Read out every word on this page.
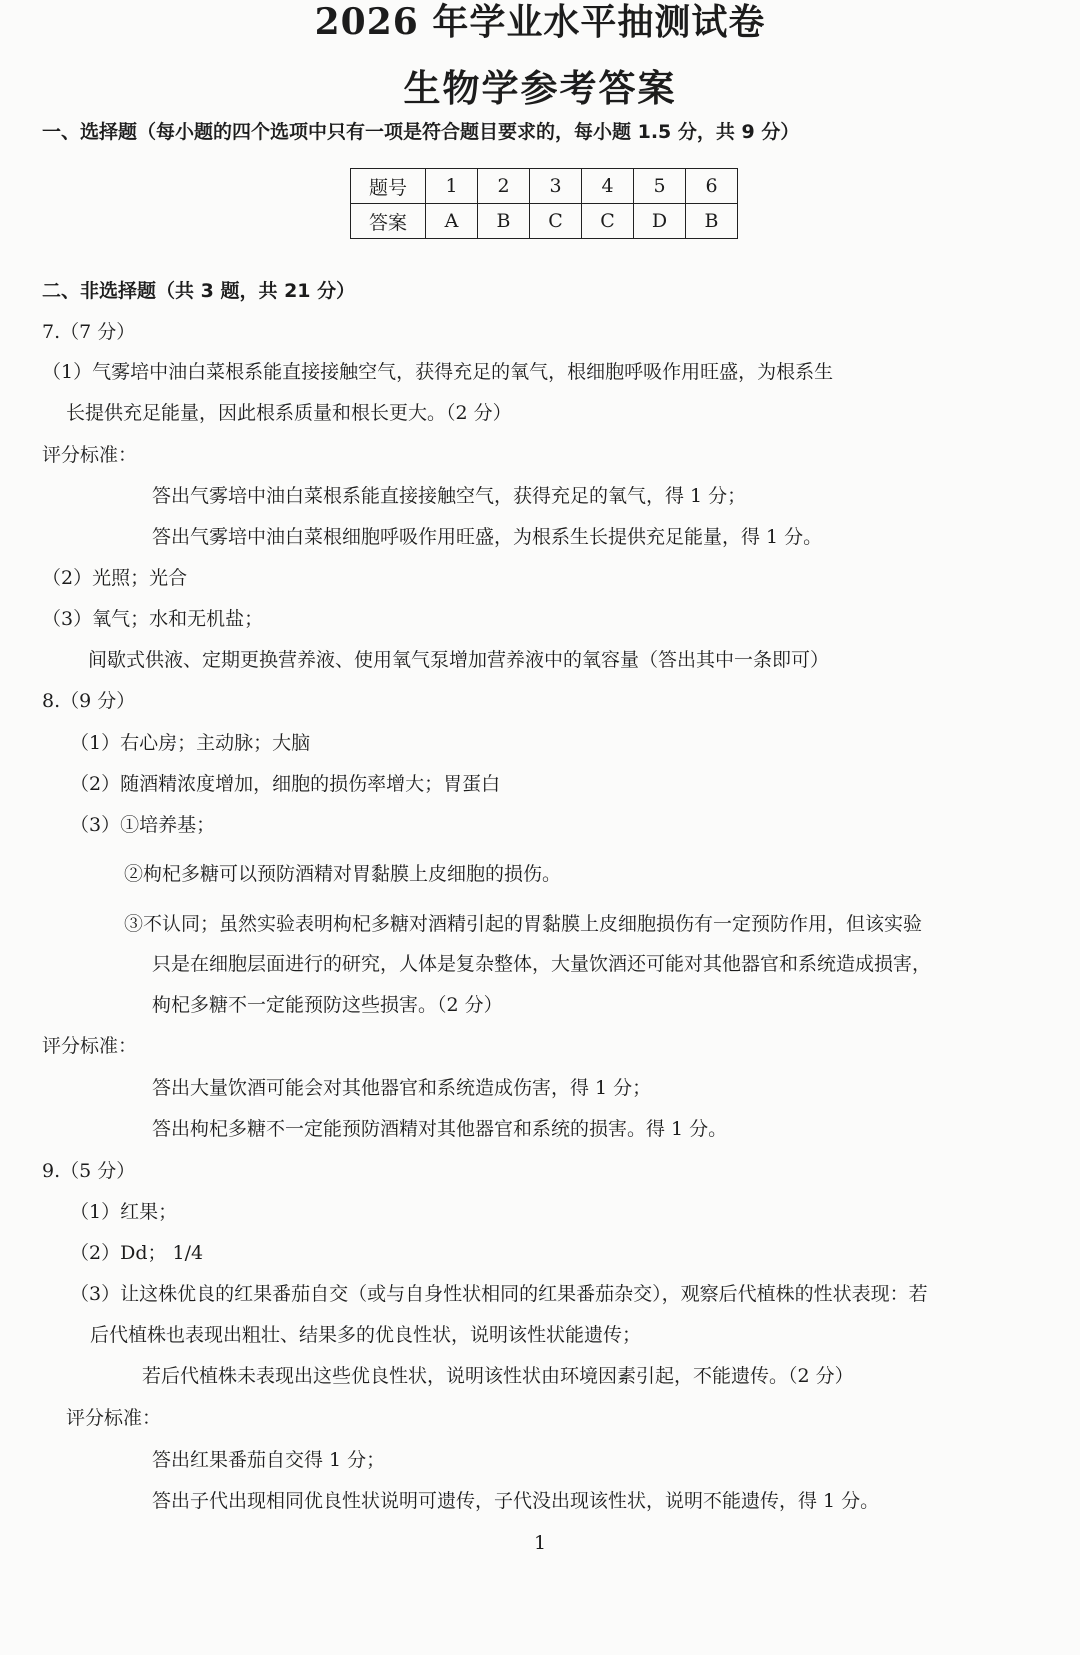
2026 年学业水平抽测试卷
生物学参考答案
一、选择题（每小题的四个选项中只有一项是符合题目要求的，每小题 1.5 分，共 9 分）
题号	1	2	3	4	5	6
答案	A	B	C	C	D	B
二、非选择题（共 3 题，共 21 分）
7.（7 分）
（1）气雾培中油白菜根系能直接接触空气，获得充足的氧气，根细胞呼吸作用旺盛，为根系生
长提供充足能量，因此根系质量和根长更大。（2 分）
评分标准：
答出气雾培中油白菜根系能直接接触空气，获得充足的氧气，得 1 分；
答出气雾培中油白菜根细胞呼吸作用旺盛，为根系生长提供充足能量，得 1 分。
（2）光照；光合
（3）氧气；水和无机盐；
间歇式供液、定期更换营养液、使用氧气泵增加营养液中的氧容量（答出其中一条即可）
8.（9 分）
（1）右心房；主动脉；大脑
（2）随酒精浓度增加，细胞的损伤率增大；胃蛋白
（3）①培养基；
②枸杞多糖可以预防酒精对胃黏膜上皮细胞的损伤。
③不认同；虽然实验表明枸杞多糖对酒精引起的胃黏膜上皮细胞损伤有一定预防作用，但该实验
只是在细胞层面进行的研究，人体是复杂整体，大量饮酒还可能对其他器官和系统造成损害，
枸杞多糖不一定能预防这些损害。（2 分）
评分标准：
答出大量饮酒可能会对其他器官和系统造成伤害，得 1 分；
答出枸杞多糖不一定能预防酒精对其他器官和系统的损害。得 1 分。
9.（5 分）
（1）红果；
（2）Dd； 1/4
（3）让这株优良的红果番茄自交（或与自身性状相同的红果番茄杂交），观察后代植株的性状表现：若
后代植株也表现出粗壮、结果多的优良性状，说明该性状能遗传；
若后代植株未表现出这些优良性状，说明该性状由环境因素引起，不能遗传。（2 分）
评分标准：
答出红果番茄自交得 1 分；
答出子代出现相同优良性状说明可遗传，子代没出现该性状，说明不能遗传，得 1 分。
1
